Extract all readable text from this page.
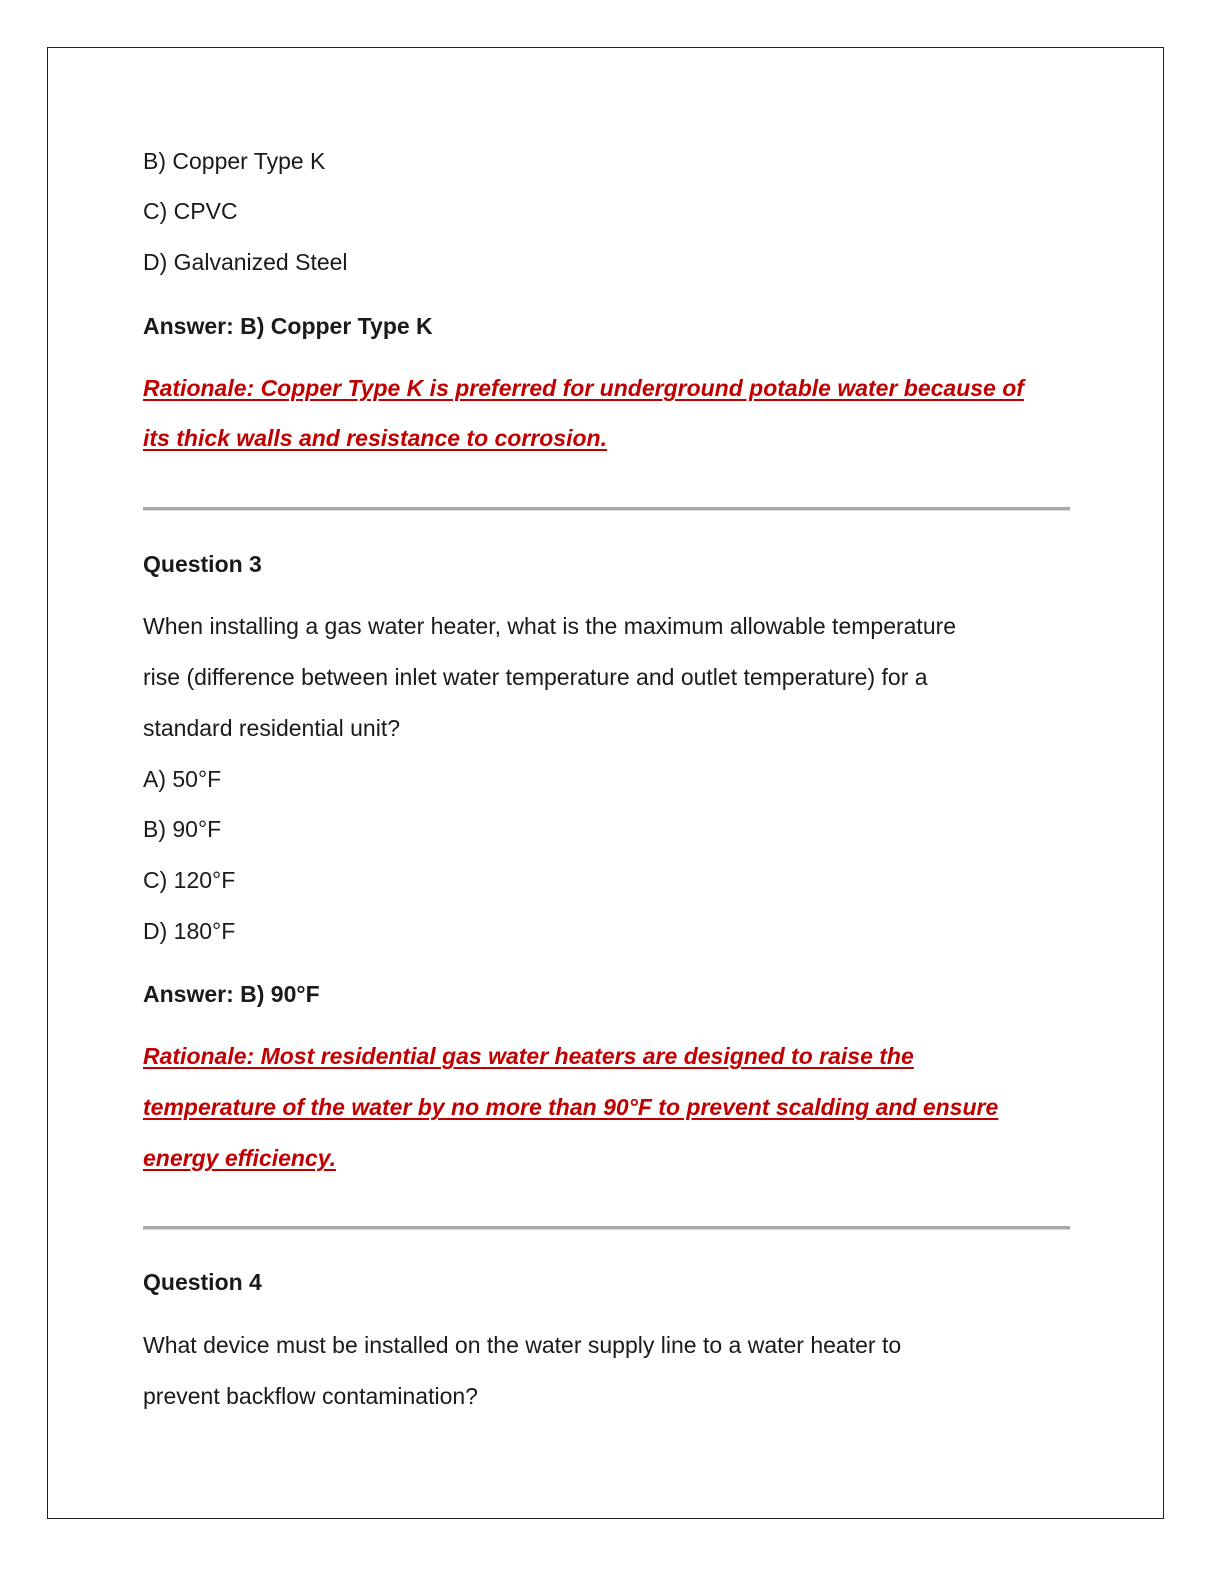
B) Copper Type K
C) CPVC
D) Galvanized Steel
Answer: B) Copper Type K
Rationale: Copper Type K is preferred for underground potable water because of
its thick walls and resistance to corrosion.
Question 3
When installing a gas water heater, what is the maximum allowable temperature
rise (difference between inlet water temperature and outlet temperature) for a
standard residential unit?
A) 50°F
B) 90°F
C) 120°F
D) 180°F
Answer: B) 90°F
Rationale: Most residential gas water heaters are designed to raise the
temperature of the water by no more than 90°F to prevent scalding and ensure
energy efficiency.
Question 4
What device must be installed on the water supply line to a water heater to
prevent backflow contamination?
